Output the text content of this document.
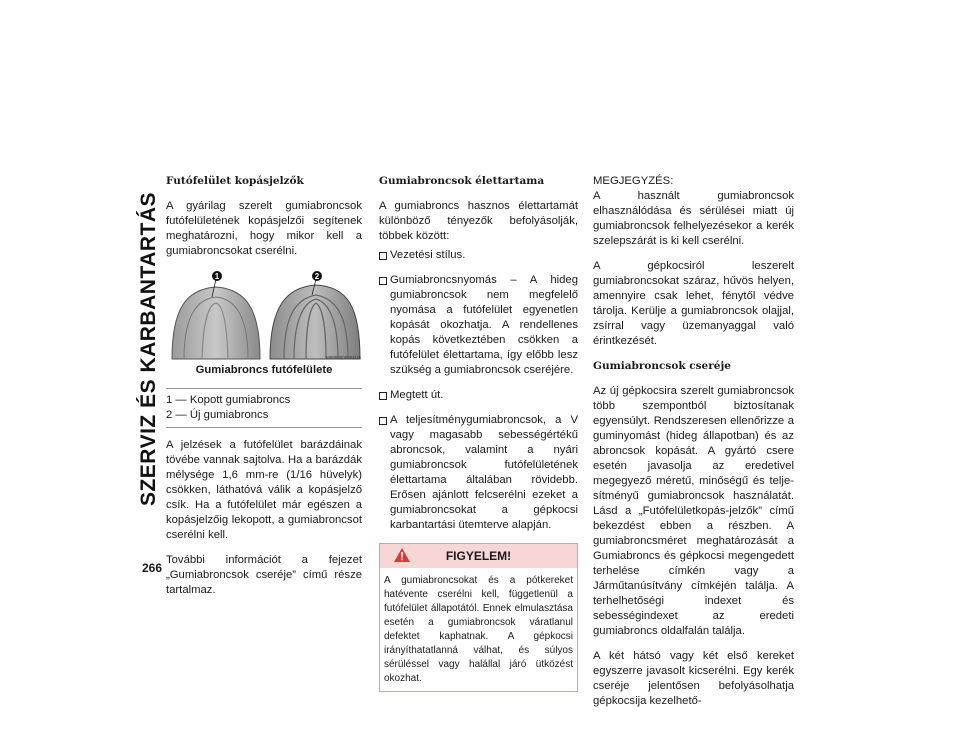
SZERVIZ ÉS KARBANTARTÁS
266
Futófelület kopásjelzők

A gyárilag szerelt gumiabroncsok futófelületének kopásjelzői segítenek meghatározni, hogy mikor kell a gumiabroncsokat cserélni.

1	2
M0800000004US
Gumiabroncs futófelülete
1 — Kopott gumiabroncs
2 — Új gumiabroncs

A jelzések a futófelület barázdáinak tövébe vannak sajtolva. Ha a barázdák mélysége 1,6 mm-re (1/16 hüvelyk) csökken, láthatóvá válik a kopásjelző csík. Ha a futófelület már egészen a kopásjelzőig lekopott, a gumiabroncsot cserélni kell.

További információt a fejezet „Gumiabroncsok cseréje” című része tartalmaz.

Gumiabroncsok élettartama

A gumiabroncs hasznos élettartamát különböző tényezők befolyásolják, többek között:

Vezetési stílus.
Gumiabroncsnyomás – A hideg gumiabroncsok nem megfelelő nyomása a futófelület egyenetlen kopását okozhatja. A rendellenes kopás következtében csökken a futófelület élettartama, így előbb lesz szükség a gumiabroncsok cseréjére.
Megtett út.
A teljesítménygumiabroncsok, a V vagy magasabb sebességértékű abroncsok, valamint a nyári gumiabroncsok futófelületének élettartama általában rövidebb. Erősen ajánlott felcserélni ezeket a gumiabroncsokat a gépkocsi karbantartási ütemterve alapján.
FIGYELEM!
A gumiabroncsokat és a pótkereket hatévente cserélni kell, függetlenül a futófelület állapotától. Ennek elmulasztása esetén a gumiabroncsok váratlanul defektet kaphatnak. A gépkocsi irányíthatatlanná válhat, és súlyos sérüléssel vagy halállal járó ütközést okozhat.
MEGJEGYZÉS:

A használt gumiabroncsok elhasználódása és sérülései miatt új gumiabroncsok felhelyezésekor a kerék szelepszárát is ki kell cserélni.

A gépkocsiról leszerelt gumiabroncsokat száraz, hűvös helyen, amennyire csak lehet, fénytől védve tárolja. Kerülje a gumiabroncsok olajjal, zsírral vagy üzemanyaggal való érintkezését.

Gumiabroncsok cseréje

Az új gépkocsira szerelt gumiabroncsok több szempontból biztosítanak egyensúlyt. Rendszeresen ellenőrizze a guminyomást (hideg állapotban) és az abroncsok kopását. A gyártó csere esetén javasolja az eredetivel megegyező méretű, minőségű és teljesítményű gumiabroncsok használatát. Lásd a „Futófelületkopás-jelzők” című bekezdést ebben a részben. A gumiabroncsméret meghatározását a Gumiabroncs és gépkocsi megengedett terhelése címkén vagy a Járműtanúsítvány címkéjén találja. A terhelhetőségi indexet és sebességindexet az eredeti gumiabroncs oldalfalán találja.

A két hátsó vagy két első kereket egyszerre javasolt kicserélni. Egy kerék cseréje jelentősen befolyásolhatja gépkocsija kezelhető-
